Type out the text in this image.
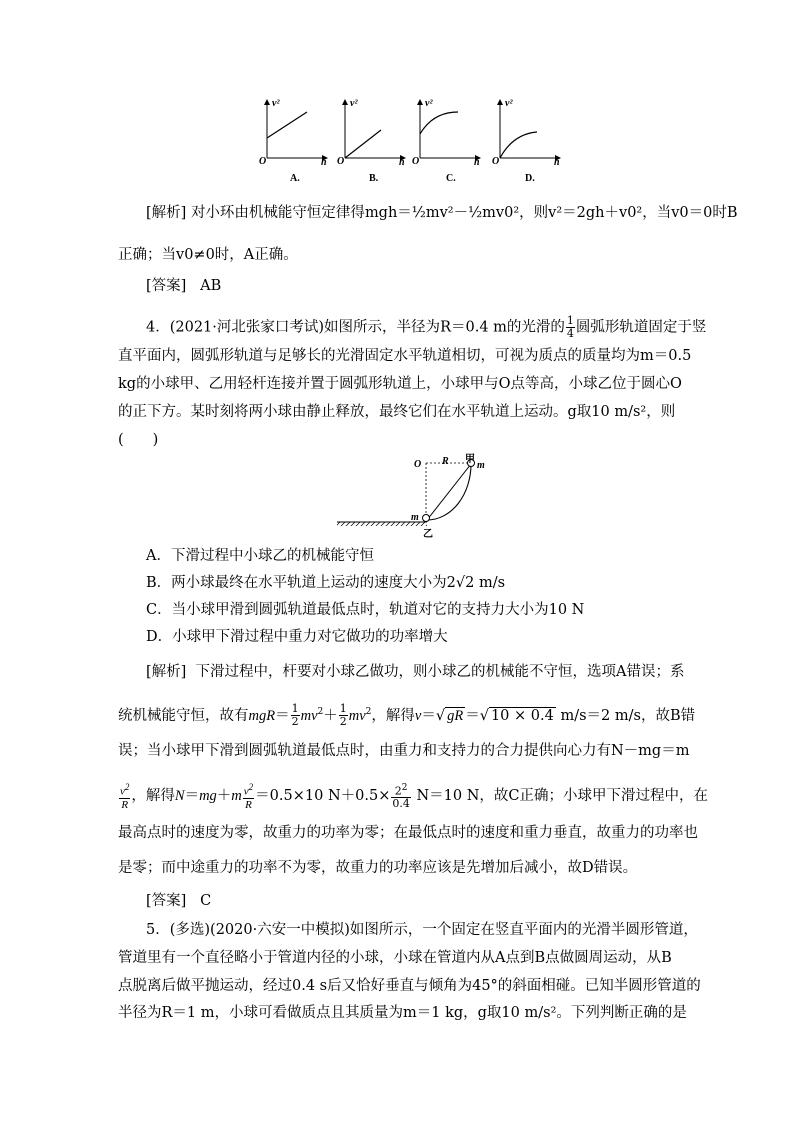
v²	v²	v²	v²
O	O	O	O
h	h	h	h
A.	B.	C.	D.
[解析] 对小环由机械能守恒定律得mgh＝½mv²－½mv0²，则v²＝2gh＋v0²，当v0＝0时B
正确；当v0≠0时，A正确。
[答案] AB
4．(2021·河北张家口考试)如图所示，半径为R＝0.4 m的光滑的 $\frac{1}{4}$ 圆弧形轨道固定于竖
直平面内，圆弧形轨道与足够长的光滑固定水平轨道相切，可视为质点的质量均为m＝0.5
kg的小球甲、乙用轻杆连接并置于圆弧形轨道上，小球甲与O点等高，小球乙位于圆心O
的正下方。某时刻将两小球由静止释放，最终它们在水平轨道上运动。g取10 m/s²，则
(　　)
O R 甲
m
m
乙
A．下滑过程中小球乙的机械能守恒
B．两小球最终在水平轨道上运动的速度大小为2√2 m/s
C．当小球甲滑到圆弧轨道最低点时，轨道对它的支持力大小为10 N
D．小球甲下滑过程中重力对它做功的功率增大
[解析] 下滑过程中，杆要对小球乙做功，则小球乙的机械能不守恒，选项A错误；系
统机械能守恒，故有$mgR= \frac{1}{2} mv^2+ \frac{1}{2} mv^2$，解得v＝√ gR ＝√ 10 × 0.4 m/s＝2 m/s，故B错
误；当小球甲下滑到圆弧轨道最低点时，由重力和支持力的合力提供向心力有N－mg＝m
$\frac{v^2}{R}$ ，解得$N=mg+m \frac{v^2}{R} =0.5\times 10$ $N+0.5\times \frac{2^2}{0.4} N=10$ N，故C正确；小球甲下滑过程中，在
最高点时的速度为零，故重力的功率为零；在最低点时的速度和重力垂直，故重力的功率也
是零；而中途重力的功率不为零，故重力的功率应该是先增加后减小，故D错误。
[答案] C
5．(多选)(2020·六安一中模拟)如图所示，一个固定在竖直平面内的光滑半圆形管道，
管道里有一个直径略小于管道内径的小球，小球在管道内从A点到B点做圆周运动，从B
点脱离后做平抛运动，经过0.4 s后又恰好垂直与倾角为45°的斜面相碰。已知半圆形管道的
半径为R＝1 m，小球可看做质点且其质量为m＝1 kg，g取10 m/s²。下列判断正确的是
